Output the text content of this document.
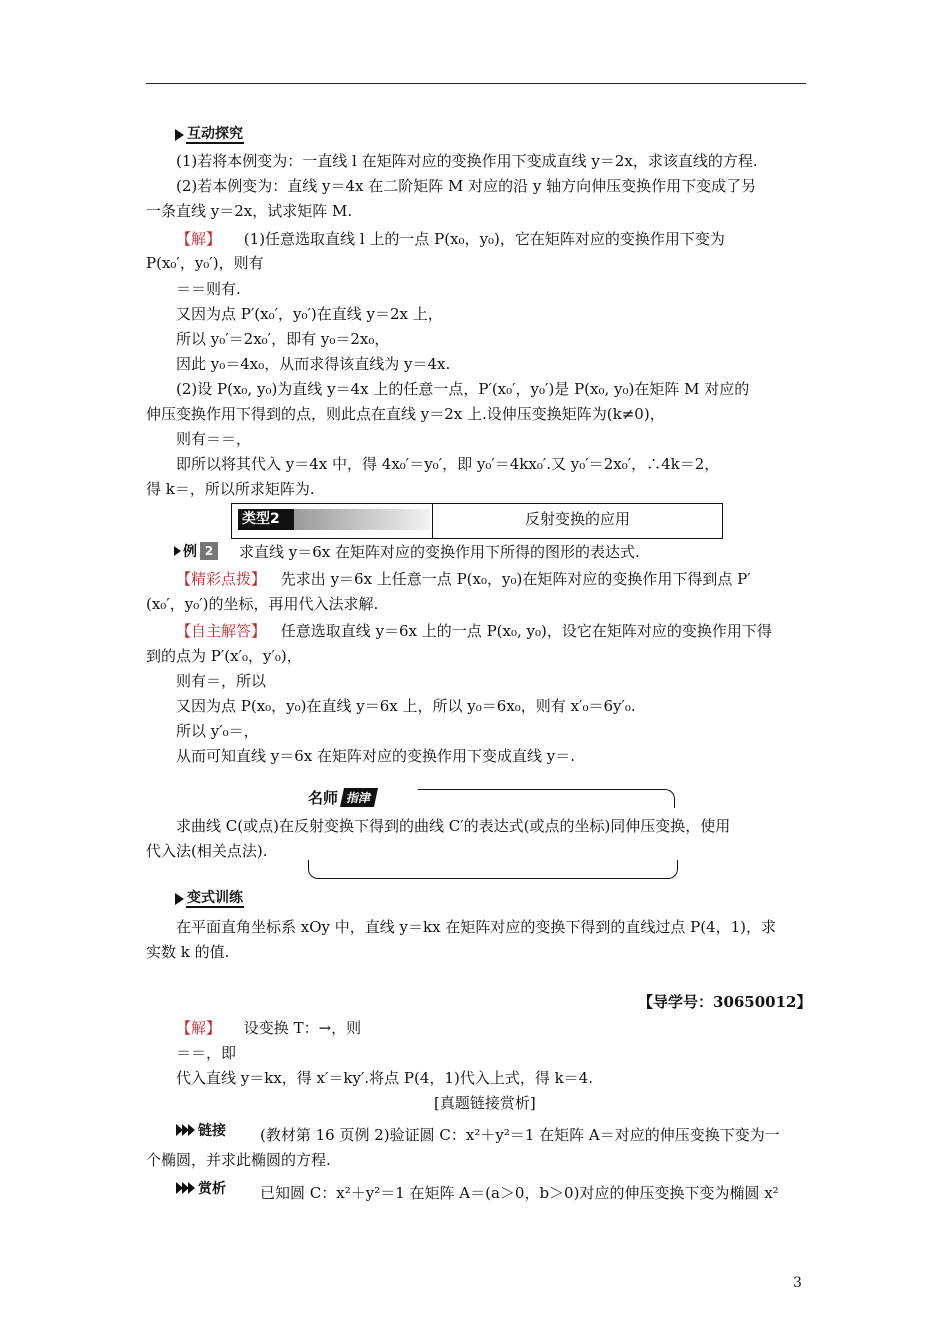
互动探究
(1)若将本例变为：一直线 l 在矩阵对应的变换作用下变成直线 y＝2x，求该直线的方程.
(2)若本例变为：直线 y＝4x 在二阶矩阵 M 对应的沿 y 轴方向伸压变换作用下变成了另
一条直线 y＝2x，试求矩阵 M.
【解】 (1)任意选取直线 l 上的一点 P(x₀，y₀)，它在矩阵对应的变换作用下变为
P(x₀′，y₀′)，则有
＝＝则有.
又因为点 P′(x₀′，y₀′)在直线 y＝2x 上，
所以 y₀′＝2x₀′，即有 y₀＝2x₀，
因此 y₀＝4x₀，从而求得该直线为 y＝4x.
(2)设 P(x₀, y₀)为直线 y＝4x 上的任意一点，P′(x₀′，y₀′)是 P(x₀, y₀)在矩阵 M 对应的
伸压变换作用下得到的点，则此点在直线 y＝2x 上.设伸压变换矩阵为(k≠0)，
则有＝＝，
即所以将其代入 y＝4x 中，得 4x₀′＝y₀′，即 y₀′＝4kx₀′.又 y₀′＝2x₀′，∴4k＝2，
得 k＝，所以所求矩阵为.
类型2	反射变换的应用
例 2	求直线 y＝6x 在矩阵对应的变换作用下所得的图形的表达式.
【精彩点拨】 先求出 y＝6x 上任意一点 P(x₀，y₀)在矩阵对应的变换作用下得到点 P′
(x₀′，y₀′)的坐标，再用代入法求解.
【自主解答】 任意选取直线 y＝6x 上的一点 P(x₀, y₀)，设它在矩阵对应的变换作用下得
到的点为 P′(x′₀，y′₀)，
则有＝，所以
又因为点 P(x₀，y₀)在直线 y＝6x 上，所以 y₀＝6x₀，则有 x′₀＝6y′₀.
所以 y′₀＝，
从而可知直线 y＝6x 在矩阵对应的变换作用下变成直线 y＝.
名师 指津
求曲线 C(或点)在反射变换下得到的曲线 C′的表达式(或点的坐标)同伸压变换，使用
代入法(相关点法).
变式训练
在平面直角坐标系 xOy 中，直线 y＝kx 在矩阵对应的变换下得到的直线过点 P(4，1)，求
实数 k 的值.
【导学号：30650012】
【解】 设变换 T：→，则
＝＝，即
代入直线 y＝kx，得 x′＝ky′.将点 P(4，1)代入上式，得 k＝4.
[真题链接赏析]
链接 (教材第 16 页例 2)验证圆 C：x²＋y²＝1 在矩阵 A＝对应的伸压变换下变为一
个椭圆，并求此椭圆的方程.
赏析 已知圆 C：x²＋y²＝1 在矩阵 A＝(a＞0，b＞0)对应的伸压变换下变为椭圆 x²
3
